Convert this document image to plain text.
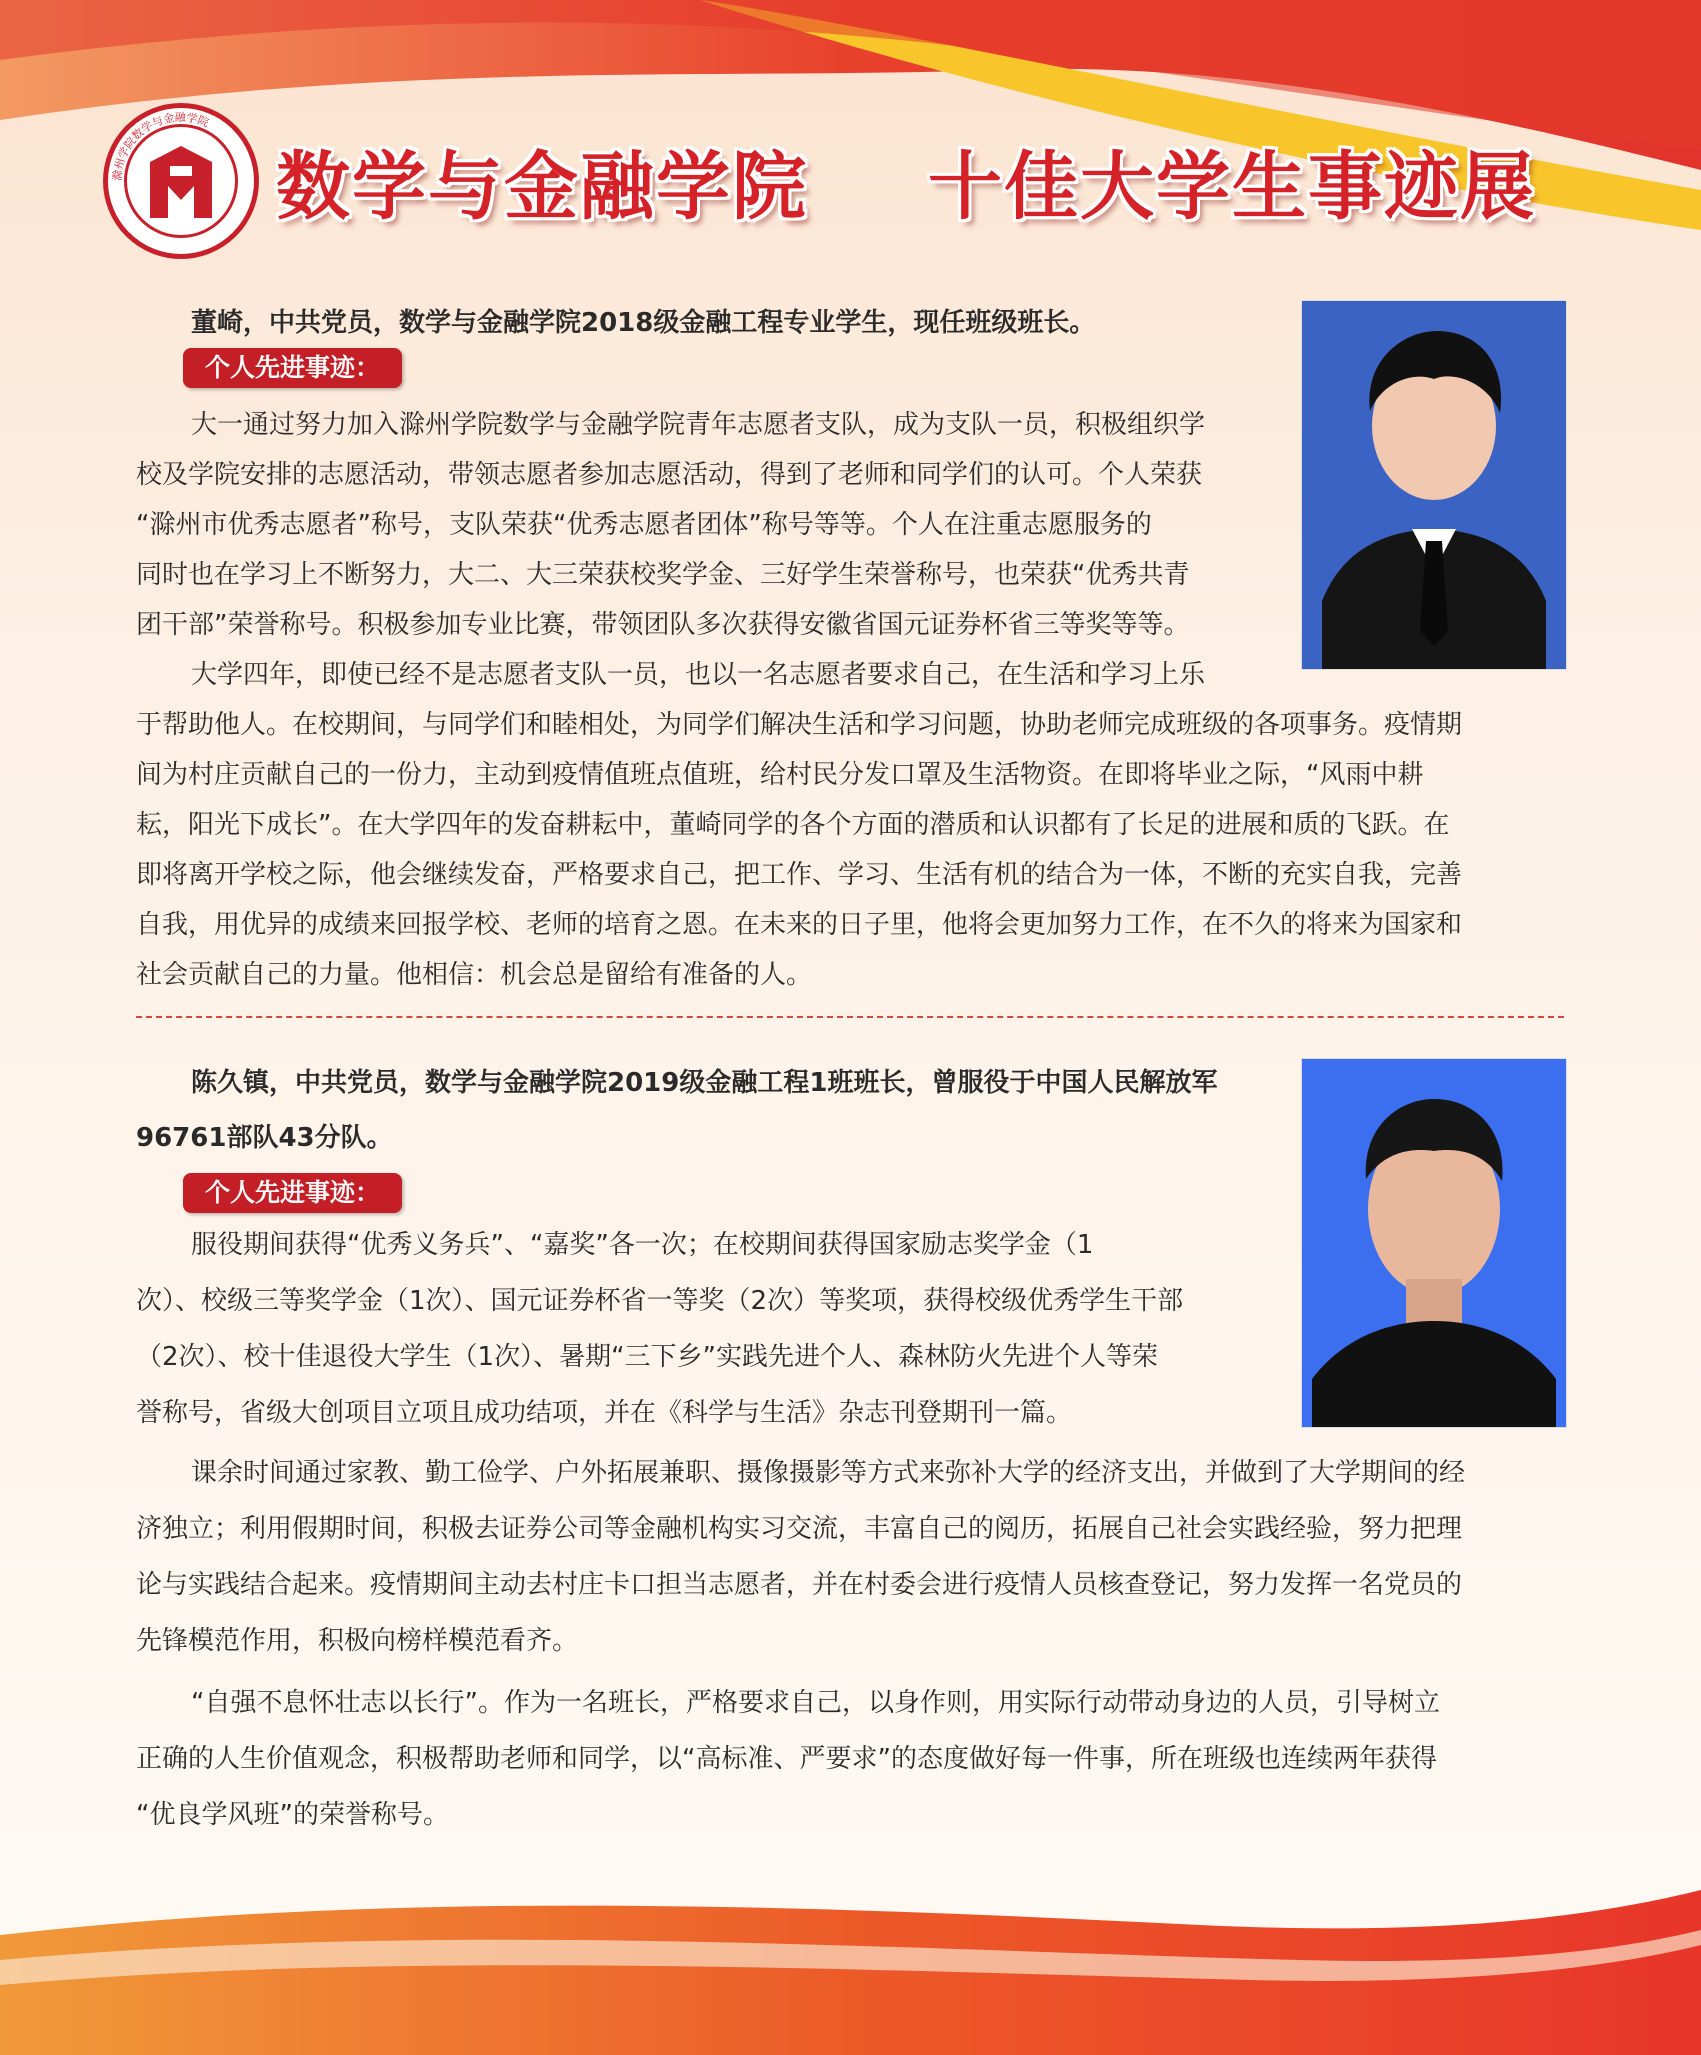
滁州学院数学与金融学院
数学与金融学院 十佳大学生事迹展
董崎，中共党员，数学与金融学院2018级金融工程专业学生，现任班级班长。
个人先进事迹：
大一通过努力加入滁州学院数学与金融学院青年志愿者支队，成为支队一员，积极组织学
校及学院安排的志愿活动，带领志愿者参加志愿活动，得到了老师和同学们的认可。个人荣获
“滁州市优秀志愿者”称号，支队荣获“优秀志愿者团体”称号等等。个人在注重志愿服务的
同时也在学习上不断努力，大二、大三荣获校奖学金、三好学生荣誉称号，也荣获“优秀共青
团干部”荣誉称号。积极参加专业比赛，带领团队多次获得安徽省国元证券杯省三等奖等等。
大学四年，即使已经不是志愿者支队一员，也以一名志愿者要求自己，在生活和学习上乐
于帮助他人。在校期间，与同学们和睦相处，为同学们解决生活和学习问题，协助老师完成班级的各项事务。疫情期
间为村庄贡献自己的一份力，主动到疫情值班点值班，给村民分发口罩及生活物资。在即将毕业之际，“风雨中耕
耘，阳光下成长”。在大学四年的发奋耕耘中，董崎同学的各个方面的潜质和认识都有了长足的进展和质的飞跃。在
即将离开学校之际，他会继续发奋，严格要求自己，把工作、学习、生活有机的结合为一体，不断的充实自我，完善
自我，用优异的成绩来回报学校、老师的培育之恩。在未来的日子里，他将会更加努力工作，在不久的将来为国家和
社会贡献自己的力量。他相信：机会总是留给有准备的人。
陈久镇，中共党员，数学与金融学院2019级金融工程1班班长，曾服役于中国人民解放军
96761部队43分队。
个人先进事迹：
服役期间获得“优秀义务兵”、“嘉奖”各一次；在校期间获得国家励志奖学金（1
次）、校级三等奖学金（1次）、国元证券杯省一等奖（2次）等奖项，获得校级优秀学生干部
（2次）、校十佳退役大学生（1次）、暑期“三下乡”实践先进个人、森林防火先进个人等荣
誉称号，省级大创项目立项且成功结项，并在《科学与生活》杂志刊登期刊一篇。
课余时间通过家教、勤工俭学、户外拓展兼职、摄像摄影等方式来弥补大学的经济支出，并做到了大学期间的经
济独立；利用假期时间，积极去证券公司等金融机构实习交流，丰富自己的阅历，拓展自己社会实践经验，努力把理
论与实践结合起来。疫情期间主动去村庄卡口担当志愿者，并在村委会进行疫情人员核查登记，努力发挥一名党员的
先锋模范作用，积极向榜样模范看齐。
“自强不息怀壮志以长行”。作为一名班长，严格要求自己，以身作则，用实际行动带动身边的人员，引导树立
正确的人生价值观念，积极帮助老师和同学，以“高标准、严要求”的态度做好每一件事，所在班级也连续两年获得
“优良学风班”的荣誉称号。
